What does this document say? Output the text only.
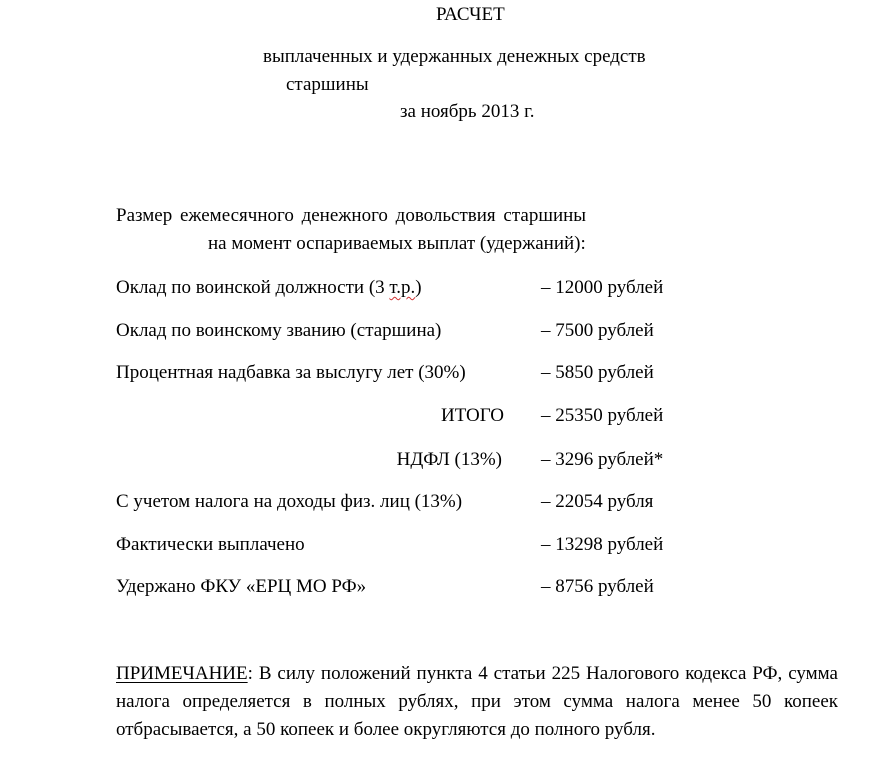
РАСЧЕТ
выплаченных и удержанных денежных средств
старшины
за ноябрь 2013 г.
Размер ежемесячного денежного довольствия старшины
на момент оспариваемых выплат (удержаний):
Оклад по воинской должности (3 т.р.)	– 12000 рублей
Оклад по воинскому званию (старшина)	– 7500 рублей
Процентная надбавка за выслугу лет (30%)	– 5850 рублей
ИТОГО – 25350 рублей
НДФЛ (13%) – 3296 рублей*
С учетом налога на доходы физ. лиц (13%)	– 22054 рубля
Фактически выплачено	– 13298 рублей
Удержано ФКУ «ЕРЦ МО РФ»	– 8756 рублей
ПРИМЕЧАНИЕ: В силу положений пункта 4 статьи 225 Налогового кодекса РФ, сумма налога определяется в полных рублях, при этом сумма налога менее 50 копеек отбрасывается, а 50 копеек и более округляются до полного рубля.
